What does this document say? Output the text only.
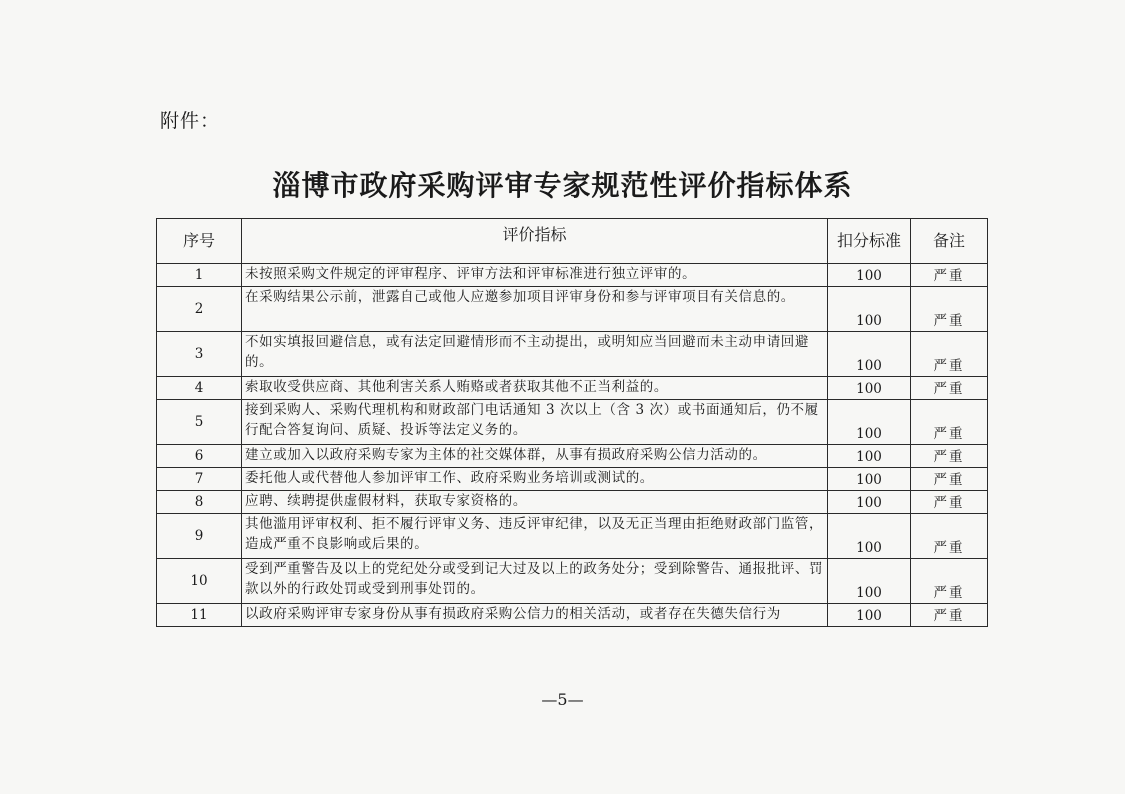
附件：
淄博市政府采购评审专家规范性评价指标体系
序号	评价指标	扣分标准	备注
1	未按照采购文件规定的评审程序、评审方法和评审标准进行独立评审的。	100	严重
2	在采购结果公示前，泄露自己或他人应邀参加项目评审身份和参与评审项目有关信息的。	100	严重
3	不如实填报回避信息，或有法定回避情形而不主动提出，或明知应当回避而未主动申请回避的。	100	严重
4	索取收受供应商、其他利害关系人贿赂或者获取其他不正当利益的。	100	严重
5	接到采购人、采购代理机构和财政部门电话通知 3 次以上（含 3 次）或书面通知后，仍不履行配合答复询问、质疑、投诉等法定义务的。	100	严重
6	建立或加入以政府采购专家为主体的社交媒体群，从事有损政府采购公信力活动的。	100	严重
7	委托他人或代替他人参加评审工作、政府采购业务培训或测试的。	100	严重
8	应聘、续聘提供虚假材料，获取专家资格的。	100	严重
9	其他滥用评审权利、拒不履行评审义务、违反评审纪律，以及无正当理由拒绝财政部门监管，造成严重不良影响或后果的。	100	严重
10	受到严重警告及以上的党纪处分或受到记大过及以上的政务处分；受到除警告、通报批评、罚款以外的行政处罚或受到刑事处罚的。	100	严重
11	以政府采购评审专家身份从事有损政府采购公信力的相关活动，或者存在失德失信行为	100	严重
—5—
